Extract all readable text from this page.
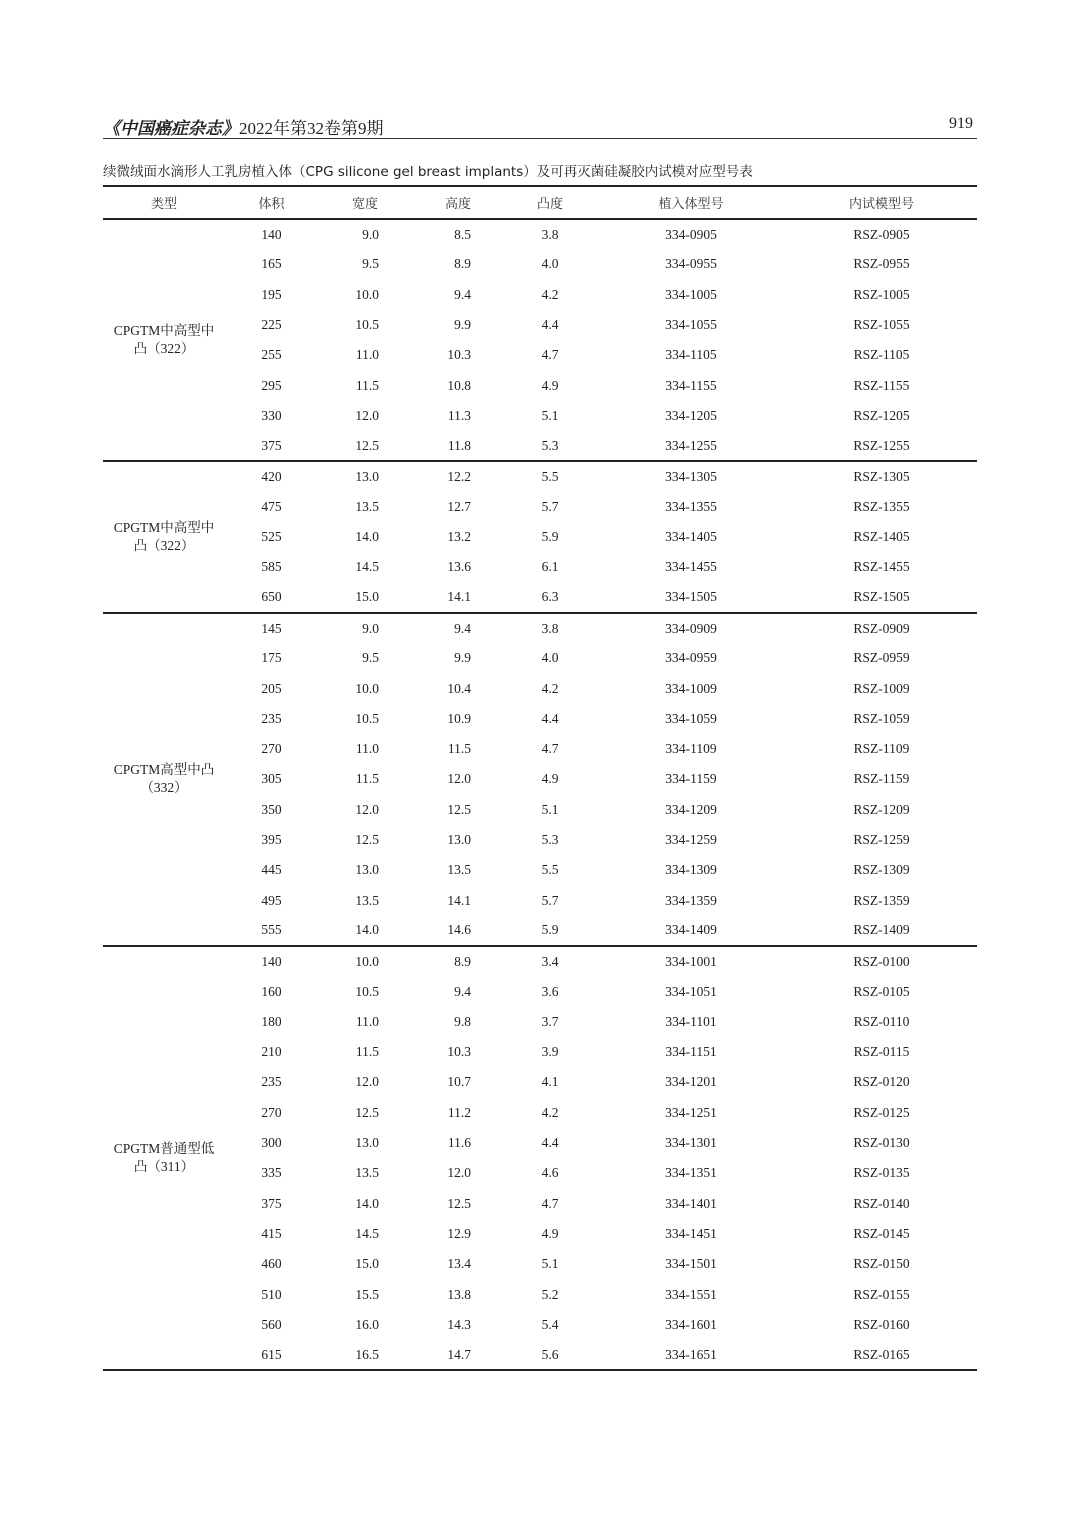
《中国癌症杂志》2022年第32卷第9期	919
续微绒面水滴形人工乳房植入体（CPG silicone gel breast implants）及可再灭菌硅凝胶内试模对应型号表
类型	体积	宽度	高度	凸度	植入体型号	内试模型号
CPGTM中高型中凸（322）	140	9.0	8.5	3.8	334-0905	RSZ-0905
	165	9.5	8.9	4.0	334-0955	RSZ-0955
	195	10.0	9.4	4.2	334-1005	RSZ-1005
	225	10.5	9.9	4.4	334-1055	RSZ-1055
	255	11.0	10.3	4.7	334-1105	RSZ-1105
	295	11.5	10.8	4.9	334-1155	RSZ-1155
	330	12.0	11.3	5.1	334-1205	RSZ-1205
	375	12.5	11.8	5.3	334-1255	RSZ-1255
CPGTM中高型中凸（322）	420	13.0	12.2	5.5	334-1305	RSZ-1305
	475	13.5	12.7	5.7	334-1355	RSZ-1355
	525	14.0	13.2	5.9	334-1405	RSZ-1405
	585	14.5	13.6	6.1	334-1455	RSZ-1455
	650	15.0	14.1	6.3	334-1505	RSZ-1505
CPGTM高型中凸（332）	145	9.0	9.4	3.8	334-0909	RSZ-0909
	175	9.5	9.9	4.0	334-0959	RSZ-0959
	205	10.0	10.4	4.2	334-1009	RSZ-1009
	235	10.5	10.9	4.4	334-1059	RSZ-1059
	270	11.0	11.5	4.7	334-1109	RSZ-1109
	305	11.5	12.0	4.9	334-1159	RSZ-1159
	350	12.0	12.5	5.1	334-1209	RSZ-1209
	395	12.5	13.0	5.3	334-1259	RSZ-1259
	445	13.0	13.5	5.5	334-1309	RSZ-1309
	495	13.5	14.1	5.7	334-1359	RSZ-1359
	555	14.0	14.6	5.9	334-1409	RSZ-1409
CPGTM普通型低凸（311）	140	10.0	8.9	3.4	334-1001	RSZ-0100
	160	10.5	9.4	3.6	334-1051	RSZ-0105
	180	11.0	9.8	3.7	334-1101	RSZ-0110
	210	11.5	10.3	3.9	334-1151	RSZ-0115
	235	12.0	10.7	4.1	334-1201	RSZ-0120
	270	12.5	11.2	4.2	334-1251	RSZ-0125
	300	13.0	11.6	4.4	334-1301	RSZ-0130
	335	13.5	12.0	4.6	334-1351	RSZ-0135
	375	14.0	12.5	4.7	334-1401	RSZ-0140
	415	14.5	12.9	4.9	334-1451	RSZ-0145
	460	15.0	13.4	5.1	334-1501	RSZ-0150
	510	15.5	13.8	5.2	334-1551	RSZ-0155
	560	16.0	14.3	5.4	334-1601	RSZ-0160
	615	16.5	14.7	5.6	334-1651	RSZ-0165
